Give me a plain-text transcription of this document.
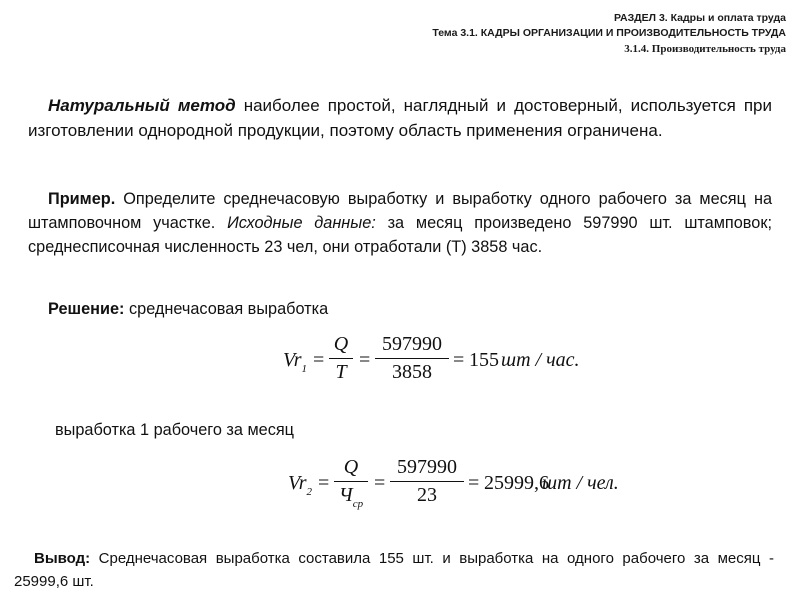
РАЗДЕЛ 3. Кадры и оплата труда
Тема 3.1. КАДРЫ ОРГАНИЗАЦИИ И ПРОИЗВОДИТЕЛЬНОСТЬ ТРУДА
3.1.4. Производительность труда
Натуральный метод наиболее простой, наглядный и достоверный, используется при изготовлении однородной продукции, поэтому область применения ограничена.
Пример. Определите среднечасовую выработку и выработку одного рабочего за месяц на штамповочном участке. Исходные данные: за месяц произведено 597990 шт. штамповок; среднесписочная численность 23 чел, они отработали (Т) 3858 час.
Решение: среднечасовая выработка
$Vr_1$ =
Q
T
=
597990
3858
= 155 шт / час.
выработка 1 рабочего за месяц
$Vr_2$ =
Q
$Ч_{ср}$
=
597990
23
= 25999,6
шт / чел.
Вывод: Среднечасовая выработка составила 155 шт. и выработка на одного рабочего за месяц - 25999,6 шт.
